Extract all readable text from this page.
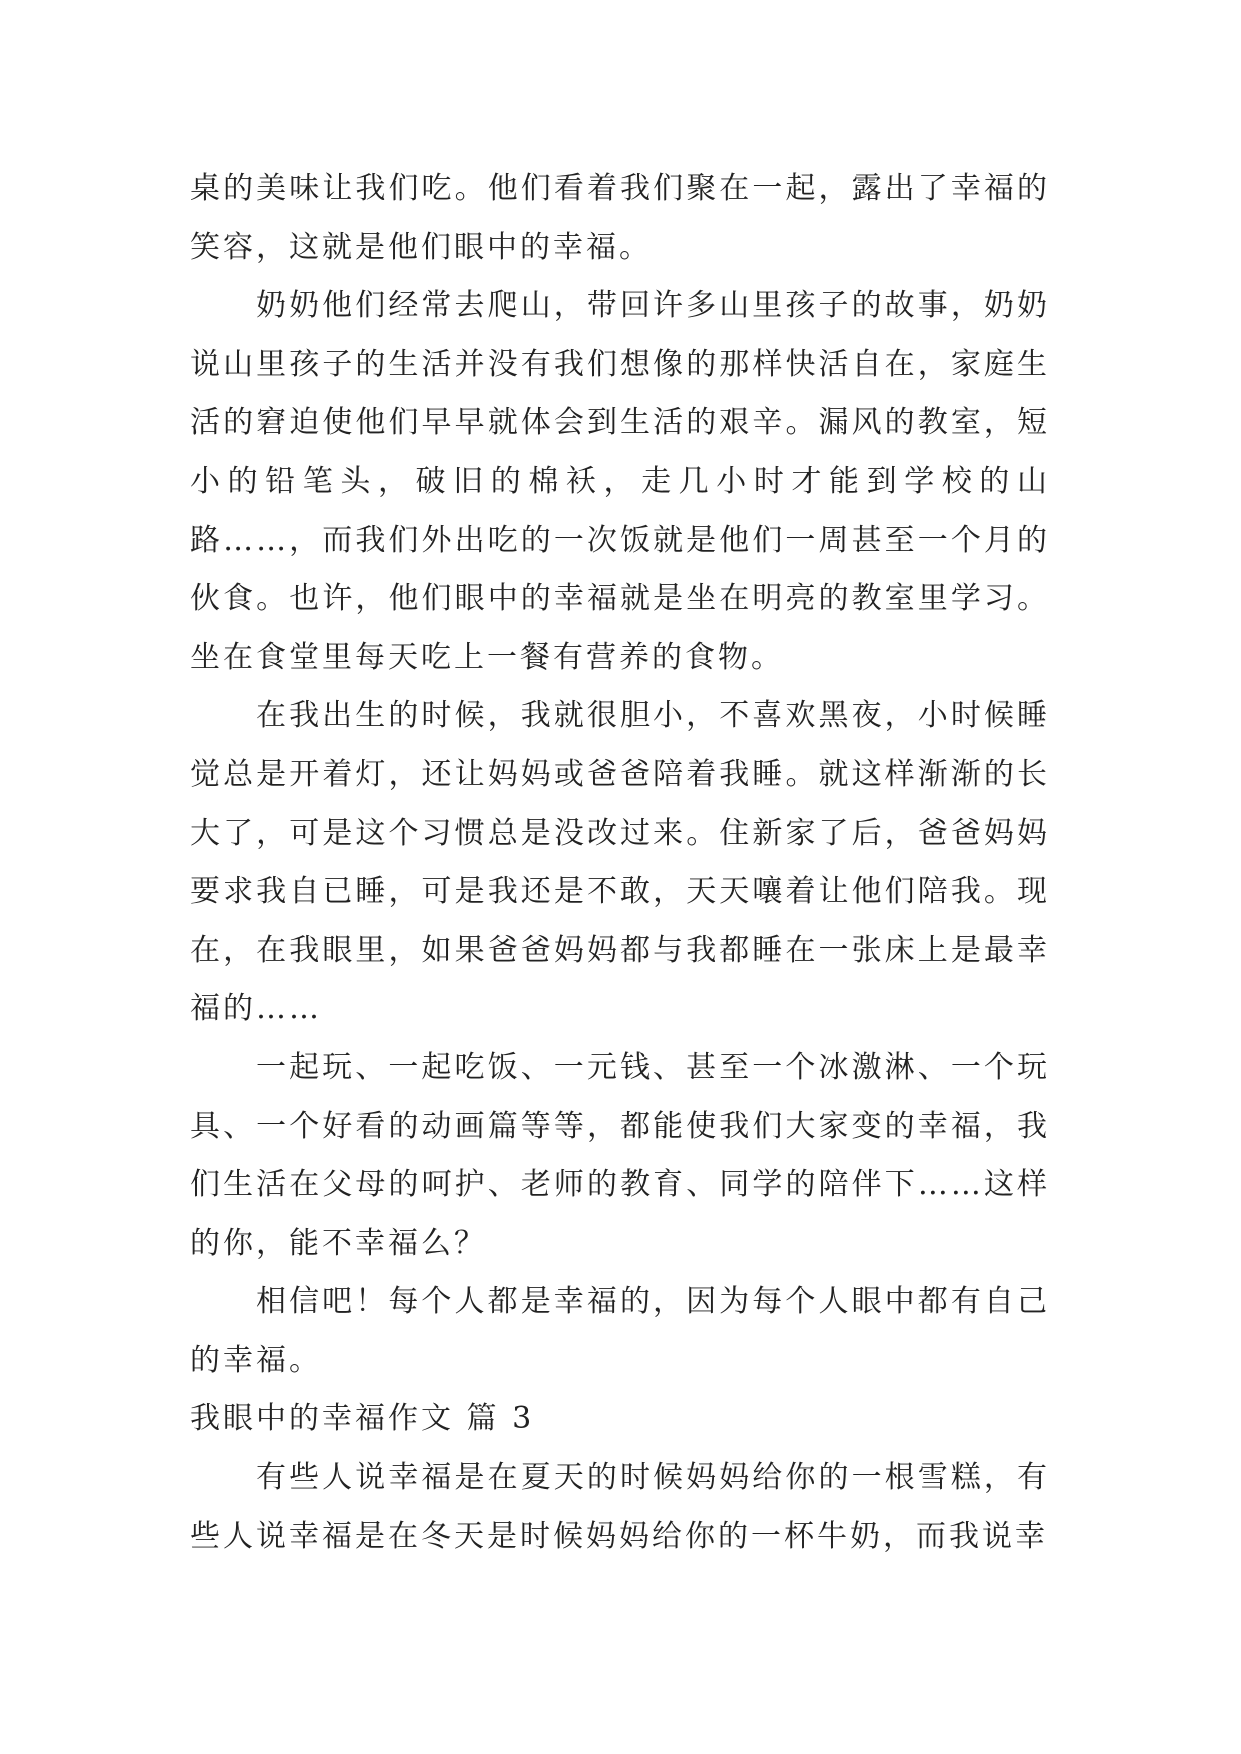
桌的美味让我们吃。他们看着我们聚在一起，露出了幸福的笑容，这就是他们眼中的幸福。

奶奶他们经常去爬山，带回许多山里孩子的故事，奶奶说山里孩子的生活并没有我们想像的那样快活自在，家庭生活的窘迫使他们早早就体会到生活的艰辛。漏风的教室，短小的铅笔头，破旧的棉袄，走几小时才能到学校的山路……，而我们外出吃的一次饭就是他们一周甚至一个月的伙食。也许，他们眼中的幸福就是坐在明亮的教室里学习。坐在食堂里每天吃上一餐有营养的食物。

在我出生的时候，我就很胆小，不喜欢黑夜，小时候睡觉总是开着灯，还让妈妈或爸爸陪着我睡。就这样渐渐的长大了，可是这个习惯总是没改过来。住新家了后，爸爸妈妈要求我自已睡，可是我还是不敢，天天嚷着让他们陪我。现在，在我眼里，如果爸爸妈妈都与我都睡在一张床上是最幸福的……

一起玩、一起吃饭、一元钱、甚至一个冰激淋、一个玩具、一个好看的动画篇等等，都能使我们大家变的幸福，我们生活在父母的呵护、老师的教育、同学的陪伴下……这样的你，能不幸福么？

相信吧！每个人都是幸福的，因为每个人眼中都有自己的幸福。

我眼中的幸福作文 篇 3

有些人说幸福是在夏天的时候妈妈给你的一根雪糕，有些人说幸福是在冬天是时候妈妈给你的一杯牛奶，而我说幸
